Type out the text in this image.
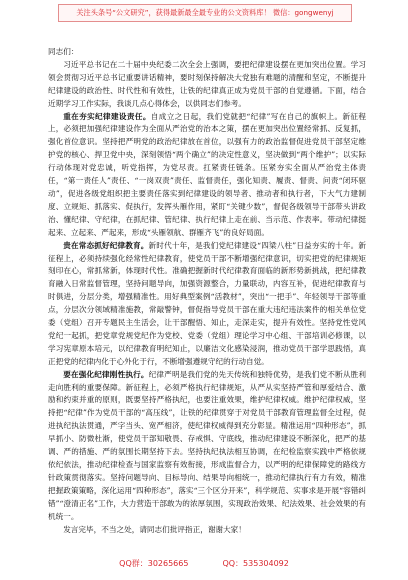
关注头条号“公文研究”，获得最新最全最专业的公文资料库！ 微信：gongwenyj

同志们：

习近平总书记在二十届中央纪委二次全会上强调，要把纪律建设摆在更加突出位置。学习领会贯彻习近平总书记重要讲话精神，要时刻保持解决大党独有难题的清醒和坚定，不断提升纪律建设的政治性、时代性和有效性，让铁的纪律真正成为党员干部的自觉遵循。下面，结合近期学习工作实际，我谈几点心得体会，以供同志们参考。

重在夯实纪律建设责任。自成立之日起，我们党就把“纪律”写在自己的旗帜上。新征程上，必须把加强纪律建设作为全面从严治党的治本之策，摆在更加突出位置经常抓、反复抓，强化首位意识。坚持把严明党的政治纪律放在首位，以强有力的政治监督促进党员干部坚定维护党的核心、捍卫党中央，深刻领悟“两个确立”的决定性意义，坚决做到“两个维护”；以实际行动体现对党忠诚，听党指挥，为党尽责。扛紧责任链条。压紧夯实全面从严治党主体责任，“第一责任人”责任、“一岗双责”责任、监督责任，强化知责、履责、督责、问责“闭环驱动”，促进各级党组织把主要责任落实到纪律建设的领导者、推动者和执行者，下大气力建制度、立规矩、抓落实、促执行，发挥头雁作用，紧盯“关键少数”，督促各级领导干部带头讲政治、懂纪律、守纪律，在抓纪律、管纪律、执行纪律上走在前、当示范、作表率。带动纪律挺起来、立起来、严起来，形成“头雁领航、群雁齐飞”的良好局面。

贵在常态抓好纪律教育。新时代十年，是我们党纪律建设“四梁八柱”日益夯实的十年。新征程上，必须持续强化经常性纪律教育，使党员干部不断增强纪律意识，切实把党的纪律规矩刻印在心，常抓常新，体现时代性。准确把握新时代纪律教育面临的新形势新挑战，把纪律教育融入日常监督管理，坚持问题导向，加强资源整合，力量联动，内容互补，促进纪律教育与时俱进，分层分类，增强精准性。用好典型案例“活教材”，突出“一把手”、年轻领导干部等重点，分层次分领域精准施教，常敲警钟，督促指导党员干部在重大违纪违法案件的相关单位党委（党组）召开专题民主生活会，让干部醒悟、知止，走深走实，提升有效性。坚持党性党风党纪一起抓，把党章党规党纪作为党校、党委（党组）理论学习中心组、干部培训必修课，以学习宪章原本培元，以纪律教育明纪知止，以廉洁文化感染浸润，推动党员干部学思践悟，真正把党的纪律内化于心外化于行，不断增强遵规守纪的行动自觉。

要在强化纪律刚性执行。纪律严明是我们党的先天传统和独特优势，是我们党不断从胜利走向胜利的重要保障。新征程上，必须严格执行纪律规矩，从严从实坚持严管和厚爱结合、激励和约束并重的原则，既要坚持严格执纪，也要注重效果，维护纪律权威。维护纪律权威，坚持把“纪律”作为党员干部的“高压线”，让铁的纪律贯穿于对党员干部教育管理监督全过程，促进执纪执法贯通，严字当头、宽严相济，使纪律权威得到充分彰显。精准运用“四种形态”，抓早抓小、防微杜渐，使党员干部知敬畏、存戒惧、守底线，推动纪律建设不断深化，把严的基调、严的措施、严的氛围长期坚持下去。坚持执纪执法相互协调，在纪检监察实践中严格依规依纪依法，推动纪律检查与国家监察有效衔接，形成监督合力，以严明的纪律保障党的路线方针政策贯彻落实。坚持问题导向、目标导向、结果导向相统一，推动纪律执行有力有效，精准把握政策策略，深化运用“四种形态”，落实“三个区分开来”，科学规范、实事求是开展“容错纠错”“澄清正名”工作，大力营造干部敢为的浓厚氛围，实现政治效果、纪法效果、社会效果的有机统一。

发言完毕，不当之处，请同志们批评指正，谢谢大家！

QQ群：30265665	QQ：535304092
